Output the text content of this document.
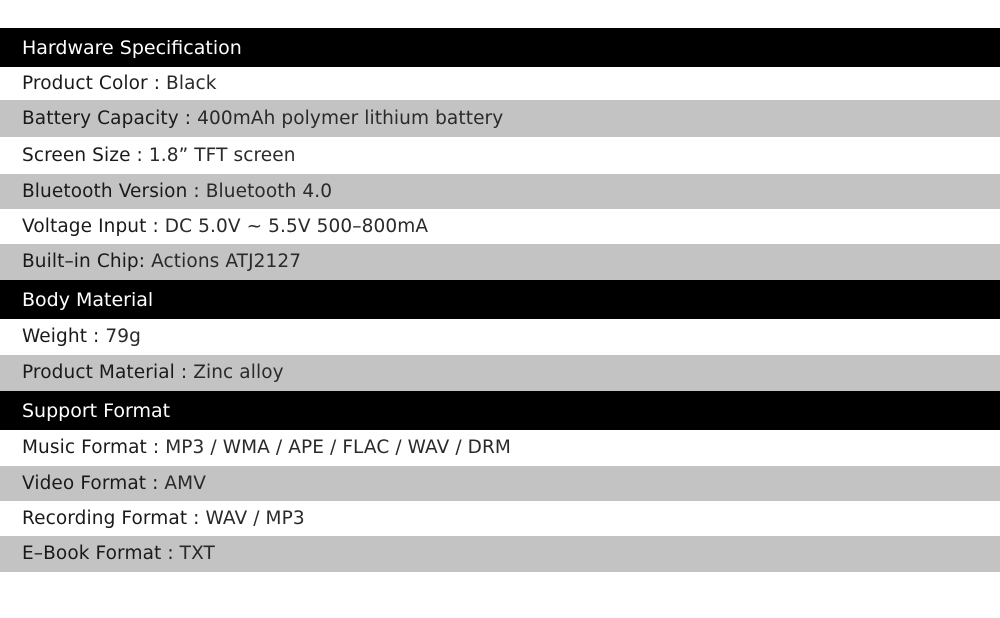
Hardware Specification
Product Color : Black
Battery Capacity : 400mAh polymer lithium battery
Screen Size : 1.8” TFT screen
Bluetooth Version : Bluetooth 4.0
Voltage Input : DC 5.0V ~ 5.5V 500–800mA
Built–in Chip: Actions ATJ2127
Body Material
Weight : 79g
Product Material : Zinc alloy
Support Format
Music Format : MP3 / WMA / APE / FLAC / WAV / DRM
Video Format : AMV
Recording Format : WAV / MP3
E–Book Format : TXT
